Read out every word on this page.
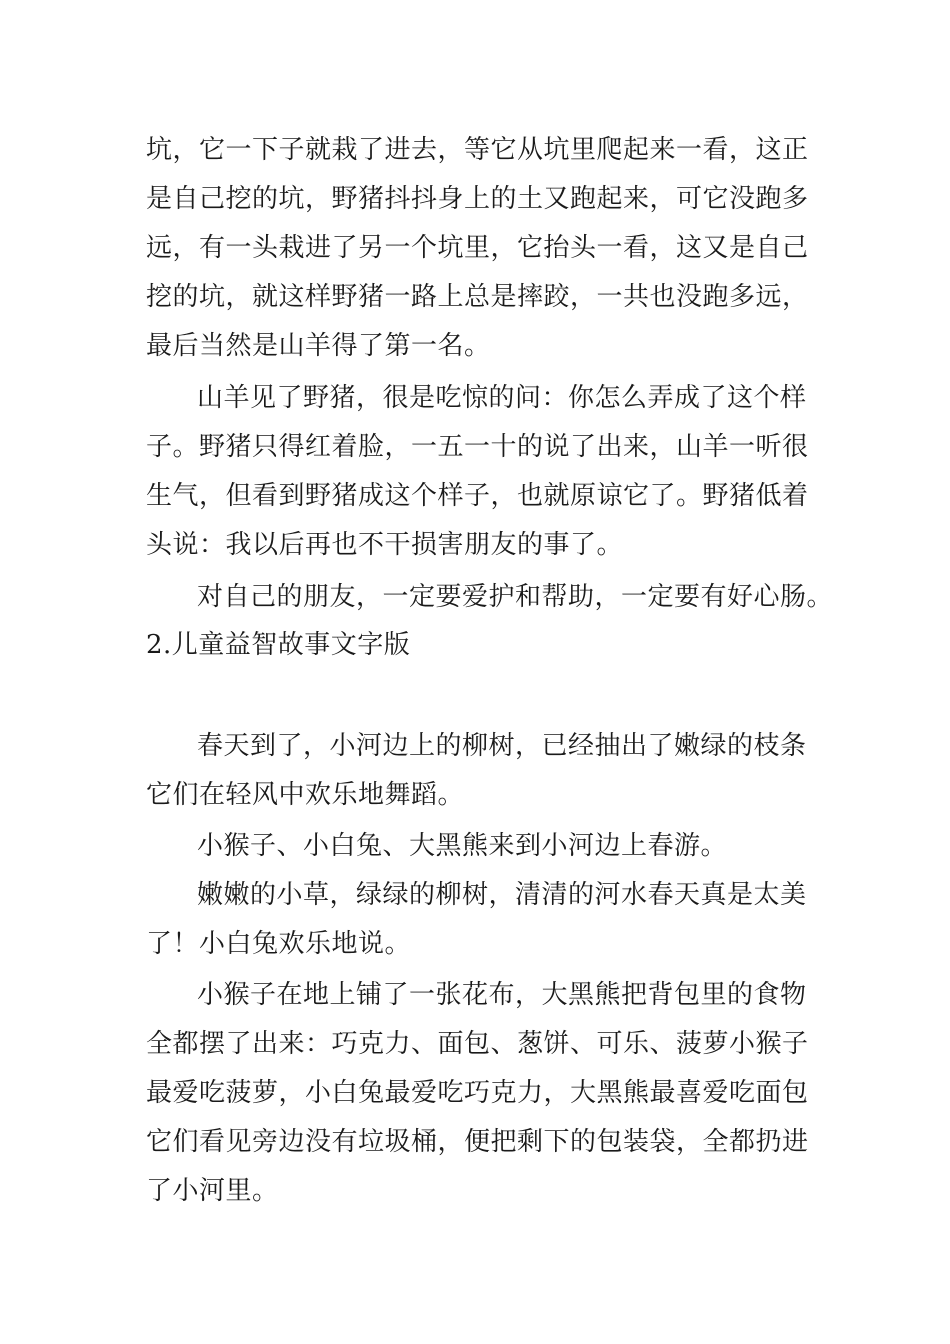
坑，它一下子就栽了进去，等它从坑里爬起来一看，这正
是自己挖的坑，野猪抖抖身上的土又跑起来，可它没跑多
远，有一头栽进了另一个坑里，它抬头一看，这又是自己
挖的坑，就这样野猪一路上总是摔跤，一共也没跑多远，
最后当然是山羊得了第一名。
山羊见了野猪，很是吃惊的问：你怎么弄成了这个样
子。野猪只得红着脸，一五一十的说了出来，山羊一听很
生气，但看到野猪成这个样子，也就原谅它了。野猪低着
头说：我以后再也不干损害朋友的事了。
对自己的朋友，一定要爱护和帮助，一定要有好心肠。
2.儿童益智故事文字版
春天到了，小河边上的柳树，已经抽出了嫩绿的枝条
它们在轻风中欢乐地舞蹈。
小猴子、小白兔、大黑熊来到小河边上春游。
嫩嫩的小草，绿绿的柳树，清清的河水春天真是太美
了！小白兔欢乐地说。
小猴子在地上铺了一张花布，大黑熊把背包里的食物
全都摆了出来：巧克力、面包、葱饼、可乐、菠萝小猴子
最爱吃菠萝，小白兔最爱吃巧克力，大黑熊最喜爱吃面包
它们看见旁边没有垃圾桶，便把剩下的包装袋，全都扔进
了小河里。
